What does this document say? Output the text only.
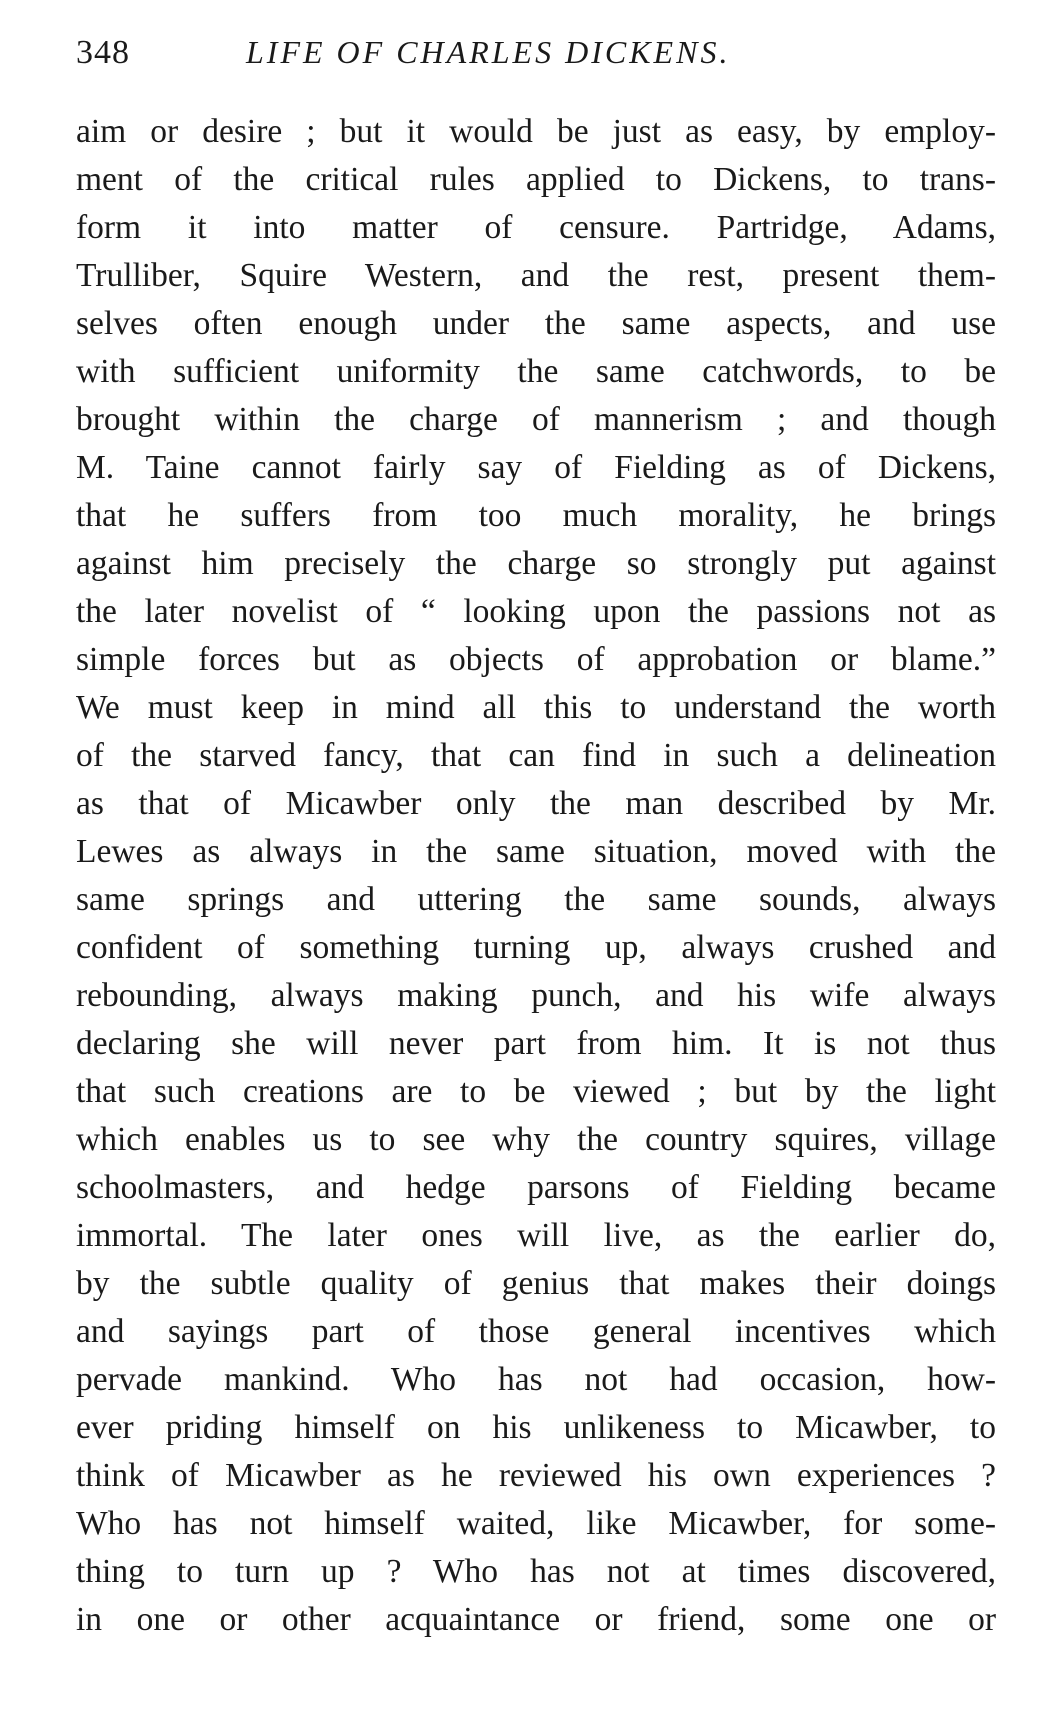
348	LIFE OF CHARLES DICKENS.
aim or desire ; but it would be just as easy, by employ-
ment of the critical rules applied to Dickens, to trans-
form it into matter of censure. Partridge, Adams,
Trulliber, Squire Western, and the rest, present them-
selves often enough under the same aspects, and use
with sufficient uniformity the same catchwords, to be
brought within the charge of mannerism ; and though
M. Taine cannot fairly say of Fielding as of Dickens,
that he suffers from too much morality, he brings
against him precisely the charge so strongly put against
the later novelist of “ looking upon the passions not as
simple forces but as objects of approbation or blame.”
We must keep in mind all this to understand the worth
of the starved fancy, that can find in such a delineation
as that of Micawber only the man described by Mr.
Lewes as always in the same situation, moved with the
same springs and uttering the same sounds, always
confident of something turning up, always crushed and
rebounding, always making punch, and his wife always
declaring she will never part from him. It is not thus
that such creations are to be viewed ; but by the light
which enables us to see why the country squires, village
schoolmasters, and hedge parsons of Fielding became
immortal. The later ones will live, as the earlier do,
by the subtle quality of genius that makes their doings
and sayings part of those general incentives which
pervade mankind. Who has not had occasion, how-
ever priding himself on his unlikeness to Micawber, to
think of Micawber as he reviewed his own experiences ?
Who has not himself waited, like Micawber, for some-
thing to turn up ? Who has not at times discovered,
in one or other acquaintance or friend, some one or
